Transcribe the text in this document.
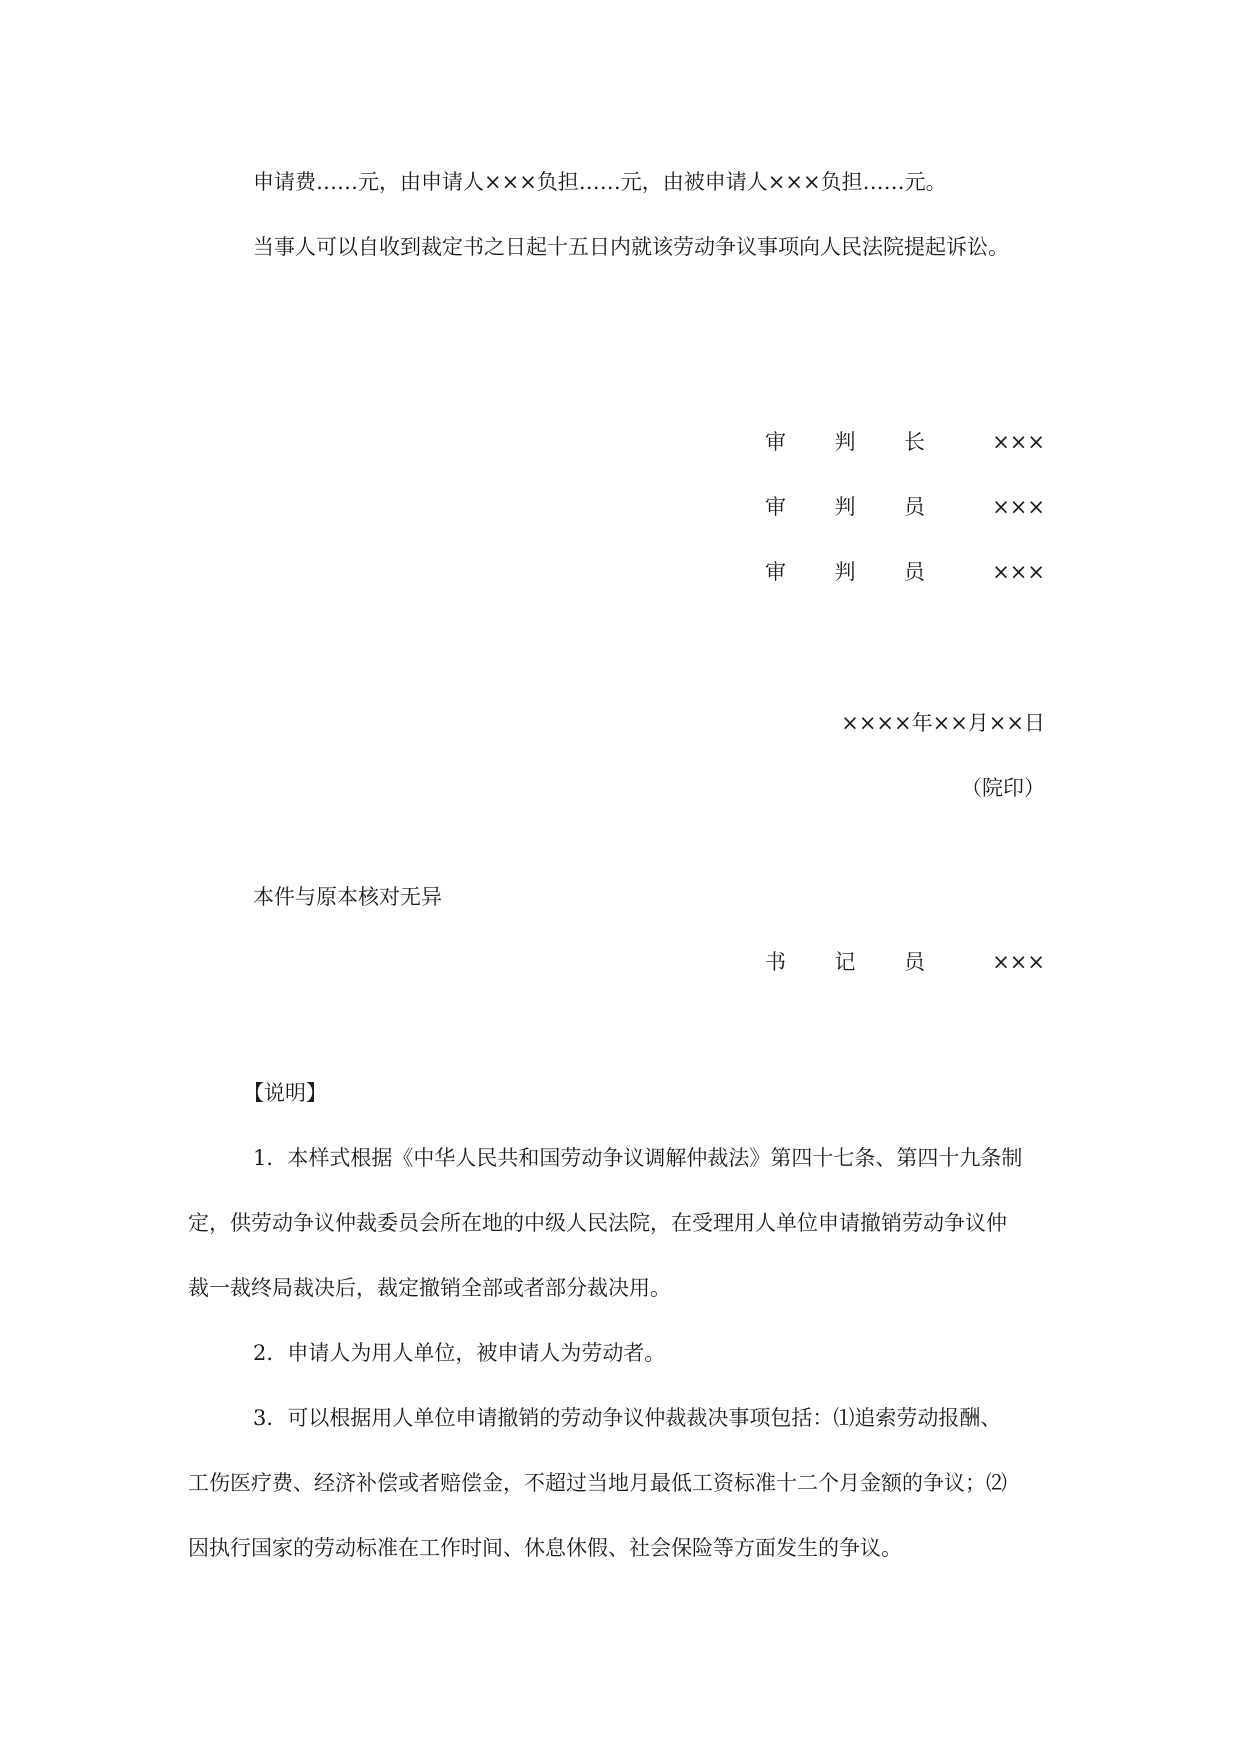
申请费……元，由申请人×××负担……元，由被申请人×××负担……元。

当事人可以自收到裁定书之日起十五日内就该劳动争议事项向人民法院提起诉讼。

审 判 长	×××
审 判 员	×××
审 判 员	×××

××××年××月××日

（院印）

本件与原本核对无异

书 记 员	×××

【说明】

1．本样式根据《中华人民共和国劳动争议调解仲裁法》第四十七条、第四十九条制

定，供劳动争议仲裁委员会所在地的中级人民法院，在受理用人单位申请撤销劳动争议仲

裁一裁终局裁决后，裁定撤销全部或者部分裁决用。

2．申请人为用人单位，被申请人为劳动者。

3．可以根据用人单位申请撤销的劳动争议仲裁裁决事项包括：⑴追索劳动报酬、

工伤医疗费、经济补偿或者赔偿金，不超过当地月最低工资标准十二个月金额的争议；⑵

因执行国家的劳动标准在工作时间、休息休假、社会保险等方面发生的争议。
